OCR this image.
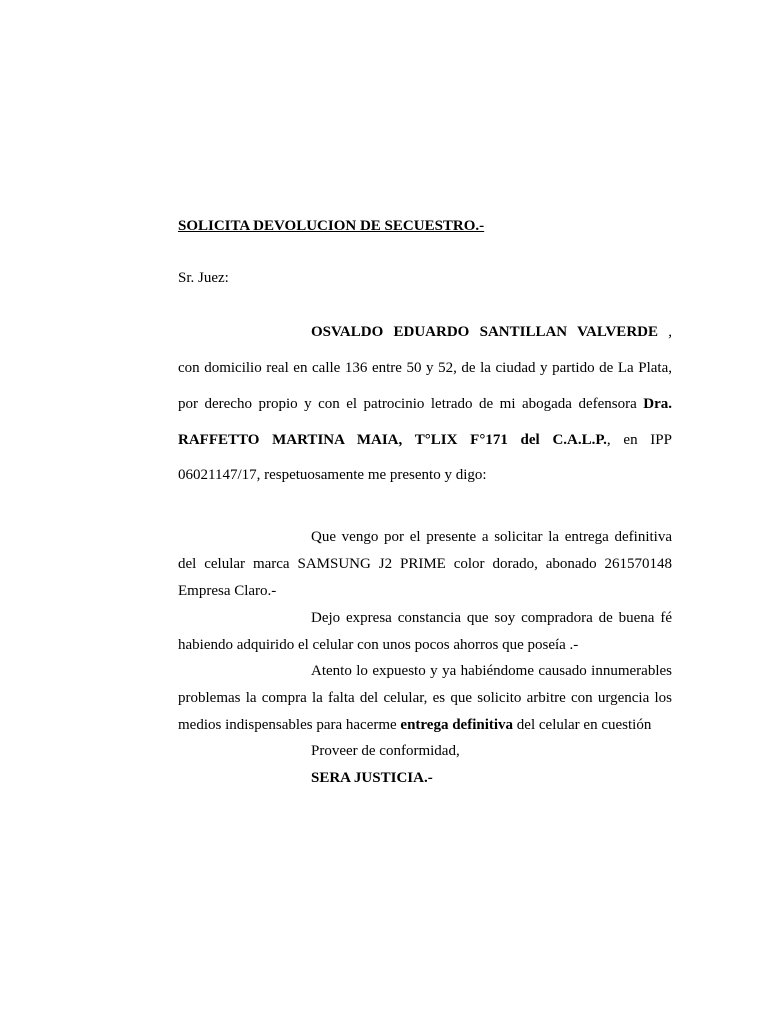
SOLICITA DEVOLUCION DE SECUESTRO.-
Sr. Juez:
OSVALDO EDUARDO SANTILLAN VALVERDE ,
con domicilio real en calle 136 entre 50 y 52, de la ciudad y partido de La Plata,
por derecho propio y con el patrocinio letrado de mi abogada defensora Dra.
RAFFETTO MARTINA MAIA, T°LIX F°171 del C.A.L.P., en IPP
06021147/17, respetuosamente me presento y digo:
Que vengo por el presente a solicitar la entrega definitiva
del celular marca SAMSUNG J2 PRIME color dorado, abonado 261570148
Empresa Claro.-
Dejo expresa constancia que soy compradora de buena fé
habiendo adquirido el celular con unos pocos ahorros que poseía .-
Atento lo expuesto y ya habiéndome causado innumerables
problemas la compra la falta del celular, es que solicito arbitre con urgencia los
medios indispensables para hacerme entrega definitiva del celular en cuestión
Proveer de conformidad,
SERA JUSTICIA.-
